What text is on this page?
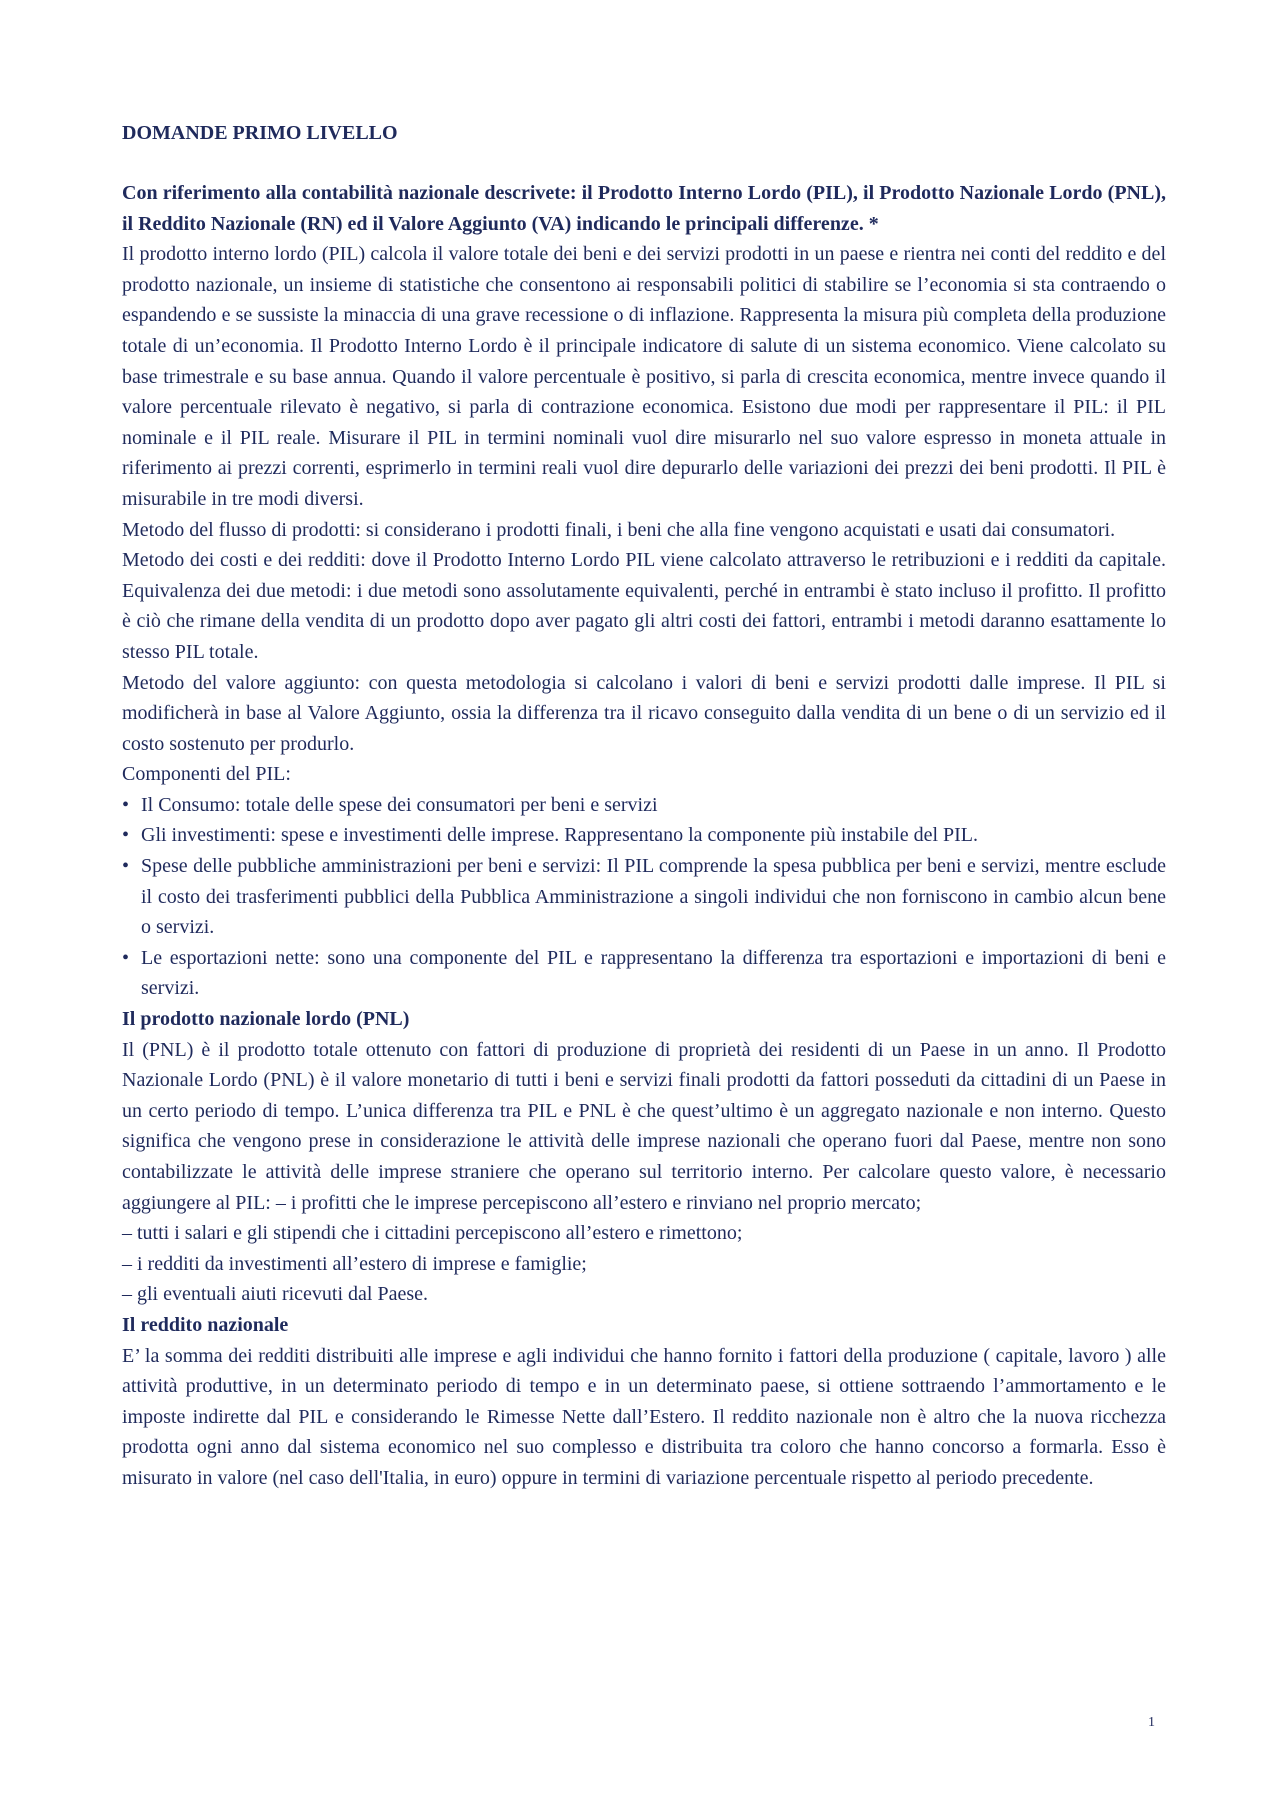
DOMANDE PRIMO LIVELLO

Con riferimento alla contabilità nazionale descrivete: il Prodotto Interno Lordo (PIL), il Prodotto Nazionale Lordo (PNL), il Reddito Nazionale (RN) ed il Valore Aggiunto (VA) indicando le principali differenze. *

Il prodotto interno lordo (PIL) calcola il valore totale dei beni e dei servizi prodotti in un paese e rientra nei conti del reddito e del prodotto nazionale, un insieme di statistiche che consentono ai responsabili politici di stabilire se l’economia si sta contraendo o espandendo e se sussiste la minaccia di una grave recessione o di inflazione. Rappresenta la misura più completa della produzione totale di un’economia. Il Prodotto Interno Lordo è il principale indicatore di salute di un sistema economico. Viene calcolato su base trimestrale e su base annua. Quando il valore percentuale è positivo, si parla di crescita economica, mentre invece quando il valore percentuale rilevato è negativo, si parla di contrazione economica. Esistono due modi per rappresentare il PIL: il PIL nominale e il PIL reale. Misurare il PIL in termini nominali vuol dire misurarlo nel suo valore espresso in moneta attuale in riferimento ai prezzi correnti, esprimerlo in termini reali vuol dire depurarlo delle variazioni dei prezzi dei beni prodotti. Il PIL è misurabile in tre modi diversi.

Metodo del flusso di prodotti: si considerano i prodotti finali, i beni che alla fine vengono acquistati e usati dai consumatori.

Metodo dei costi e dei redditi: dove il Prodotto Interno Lordo PIL viene calcolato attraverso le retribuzioni e i redditi da capitale. Equivalenza dei due metodi: i due metodi sono assolutamente equivalenti, perché in entrambi è stato incluso il profitto. Il profitto è ciò che rimane della vendita di un prodotto dopo aver pagato gli altri costi dei fattori, entrambi i metodi daranno esattamente lo stesso PIL totale.

Metodo del valore aggiunto: con questa metodologia si calcolano i valori di beni e servizi prodotti dalle imprese. Il PIL si modificherà in base al Valore Aggiunto, ossia la differenza tra il ricavo conseguito dalla vendita di un bene o di un servizio ed il costo sostenuto per produrlo.

Componenti del PIL:

• Il Consumo: totale delle spese dei consumatori per beni e servizi
• Gli investimenti: spese e investimenti delle imprese. Rappresentano la componente più instabile del PIL.
• Spese delle pubbliche amministrazioni per beni e servizi: Il PIL comprende la spesa pubblica per beni e servizi, mentre esclude il costo dei trasferimenti pubblici della Pubblica Amministrazione a singoli individui che non forniscono in cambio alcun bene o servizi.
• Le esportazioni nette: sono una componente del PIL e rappresentano la differenza tra esportazioni e importazioni di beni e servizi.
Il prodotto nazionale lordo (PNL)

Il (PNL) è il prodotto totale ottenuto con fattori di produzione di proprietà dei residenti di un Paese in un anno. Il Prodotto Nazionale Lordo (PNL) è il valore monetario di tutti i beni e servizi finali prodotti da fattori posseduti da cittadini di un Paese in un certo periodo di tempo. L’unica differenza tra PIL e PNL è che quest’ultimo è un aggregato nazionale e non interno. Questo significa che vengono prese in considerazione le attività delle imprese nazionali che operano fuori dal Paese, mentre non sono contabilizzate le attività delle imprese straniere che operano sul territorio interno. Per calcolare questo valore, è necessario aggiungere al PIL: – i profitti che le imprese percepiscono all’estero e rinviano nel proprio mercato;

– tutti i salari e gli stipendi che i cittadini percepiscono all’estero e rimettono;
– i redditi da investimenti all’estero di imprese e famiglie;
– gli eventuali aiuti ricevuti dal Paese.
Il reddito nazionale

E’ la somma dei redditi distribuiti alle imprese e agli individui che hanno fornito i fattori della produzione ( capitale, lavoro ) alle attività produttive, in un determinato periodo di tempo e in un determinato paese, si ottiene sottraendo l’ammortamento e le imposte indirette dal PIL e considerando le Rimesse Nette dall’Estero. Il reddito nazionale non è altro che la nuova ricchezza prodotta ogni anno dal sistema economico nel suo complesso e distribuita tra coloro che hanno concorso a formarla. Esso è misurato in valore (nel caso dell'Italia, in euro) oppure in termini di variazione percentuale rispetto al periodo precedente.

1
